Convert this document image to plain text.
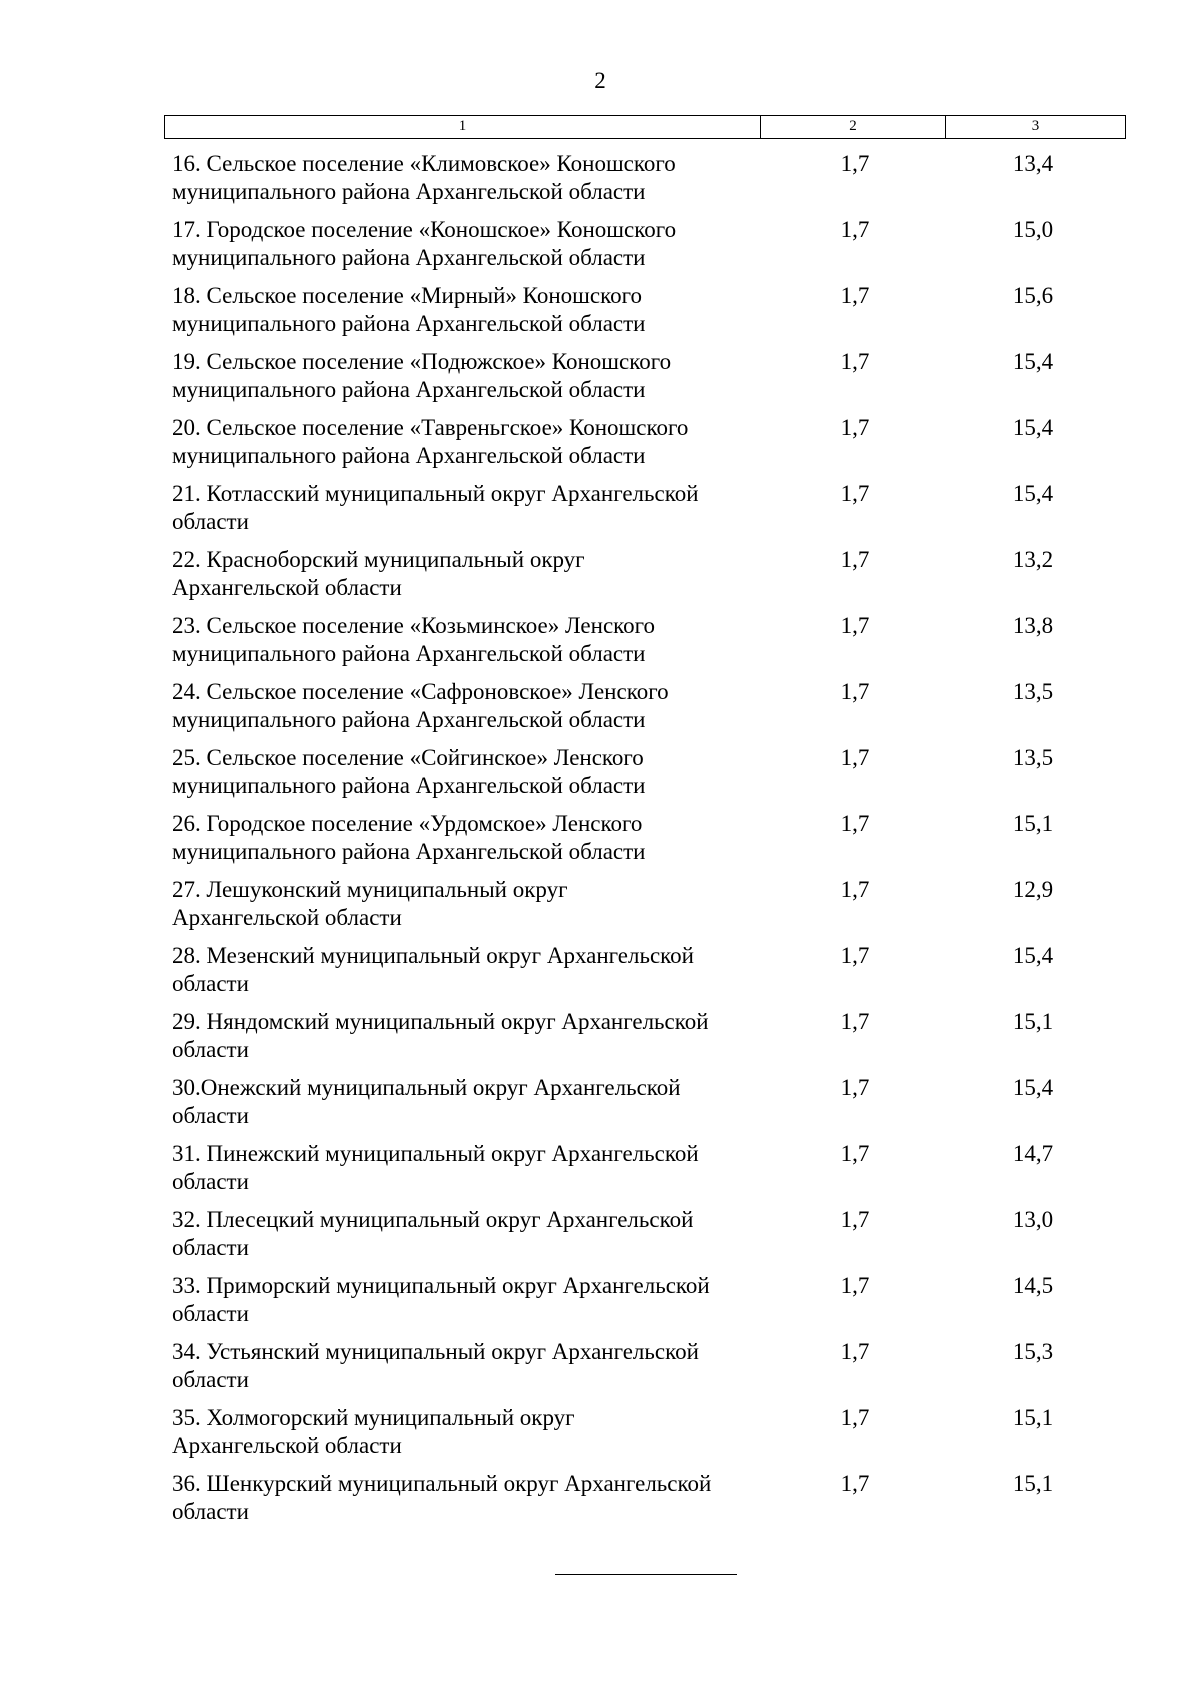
2
1	2	3
16. Сельское поселение «Климовское» Коношского
муниципального района Архангельской области
1,7	13,4
17. Городское поселение «Коношское» Коношского
муниципального района Архангельской области
1,7	15,0
18. Сельское поселение «Мирный» Коношского
муниципального района Архангельской области
1,7	15,6
19. Сельское поселение «Подюжское» Коношского
муниципального района Архангельской области
1,7	15,4
20. Сельское поселение «Тавреньгское» Коношского
муниципального района Архангельской области
1,7	15,4
21. Котласский муниципальный округ Архангельской
области
1,7	15,4
22. Красноборский муниципальный округ
Архангельской области
1,7	13,2
23. Сельское поселение «Козьминское» Ленского
муниципального района Архангельской области
1,7	13,8
24. Сельское поселение «Сафроновское» Ленского
муниципального района Архангельской области
1,7	13,5
25. Сельское поселение «Сойгинское» Ленского
муниципального района Архангельской области
1,7	13,5
26. Городское поселение «Урдомское» Ленского
муниципального района Архангельской области
1,7	15,1
27. Лешуконский муниципальный округ
Архангельской области
1,7	12,9
28. Мезенский муниципальный округ Архангельской
области
1,7	15,4
29. Няндомский муниципальный округ Архангельской
области
1,7	15,1
30.Онежский муниципальный округ Архангельской
области
1,7	15,4
31. Пинежский муниципальный округ Архангельской
области
1,7	14,7
32. Плесецкий муниципальный округ Архангельской
области
1,7	13,0
33. Приморский муниципальный округ Архангельской
области
1,7	14,5
34. Устьянский муниципальный округ Архангельской
области
1,7	15,3
35. Холмогорский муниципальный округ
Архангельской области
1,7	15,1
36. Шенкурский муниципальный округ Архангельской
области
1,7	15,1
